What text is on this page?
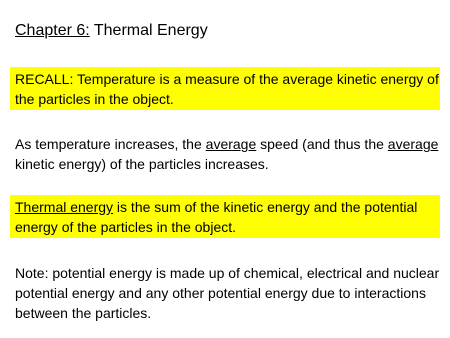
Chapter 6: Thermal Energy
RECALL: Temperature is a measure of the average kinetic energy of the particles in the object.
As temperature increases, the average speed (and thus the average kinetic energy) of the particles increases.
Thermal energy is the sum of the kinetic energy and the potential energy of the particles in the object.
Note: potential energy is made up of chemical, electrical and nuclear potential energy and any other potential energy due to interactions between the particles.
